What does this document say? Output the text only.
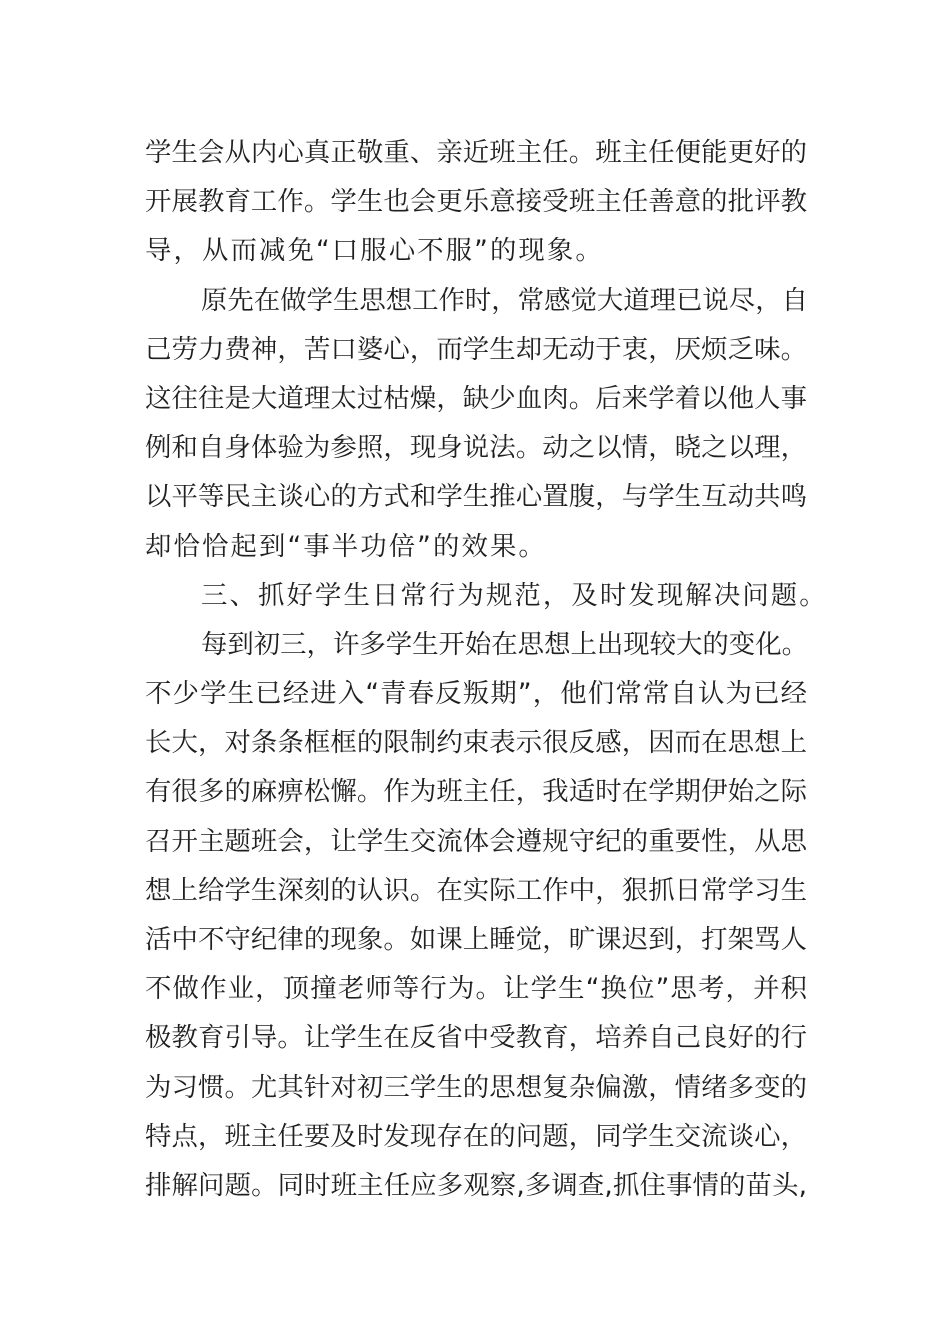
学生会从内心真正敬重、亲近班主任。班主任便能更好的
开展教育工作。学生也会更乐意接受班主任善意的批评教
导，从而减免“口服心不服”的现象。
原先在做学生思想工作时，常感觉大道理已说尽，自
己劳力费神，苦口婆心，而学生却无动于衷，厌烦乏味。
这往往是大道理太过枯燥，缺少血肉。后来学着以他人事
例和自身体验为参照，现身说法。动之以情，晓之以理，
以平等民主谈心的方式和学生推心置腹，与学生互动共鸣
却恰恰起到“事半功倍”的效果。
三、抓好学生日常行为规范，及时发现解决问题。
每到初三，许多学生开始在思想上出现较大的变化。
不少学生已经进入“青春反叛期”，他们常常自认为已经
长大，对条条框框的限制约束表示很反感，因而在思想上
有很多的麻痹松懈。作为班主任，我适时在学期伊始之际
召开主题班会，让学生交流体会遵规守纪的重要性，从思
想上给学生深刻的认识。在实际工作中，狠抓日常学习生
活中不守纪律的现象。如课上睡觉，旷课迟到，打架骂人
不做作业，顶撞老师等行为。让学生“换位”思考，并积
极教育引导。让学生在反省中受教育，培养自己良好的行
为习惯。尤其针对初三学生的思想复杂偏激，情绪多变的
特点，班主任要及时发现存在的问题，同学生交流谈心，
排解问题。同时班主任应多观察,多调查,抓住事情的苗头,
